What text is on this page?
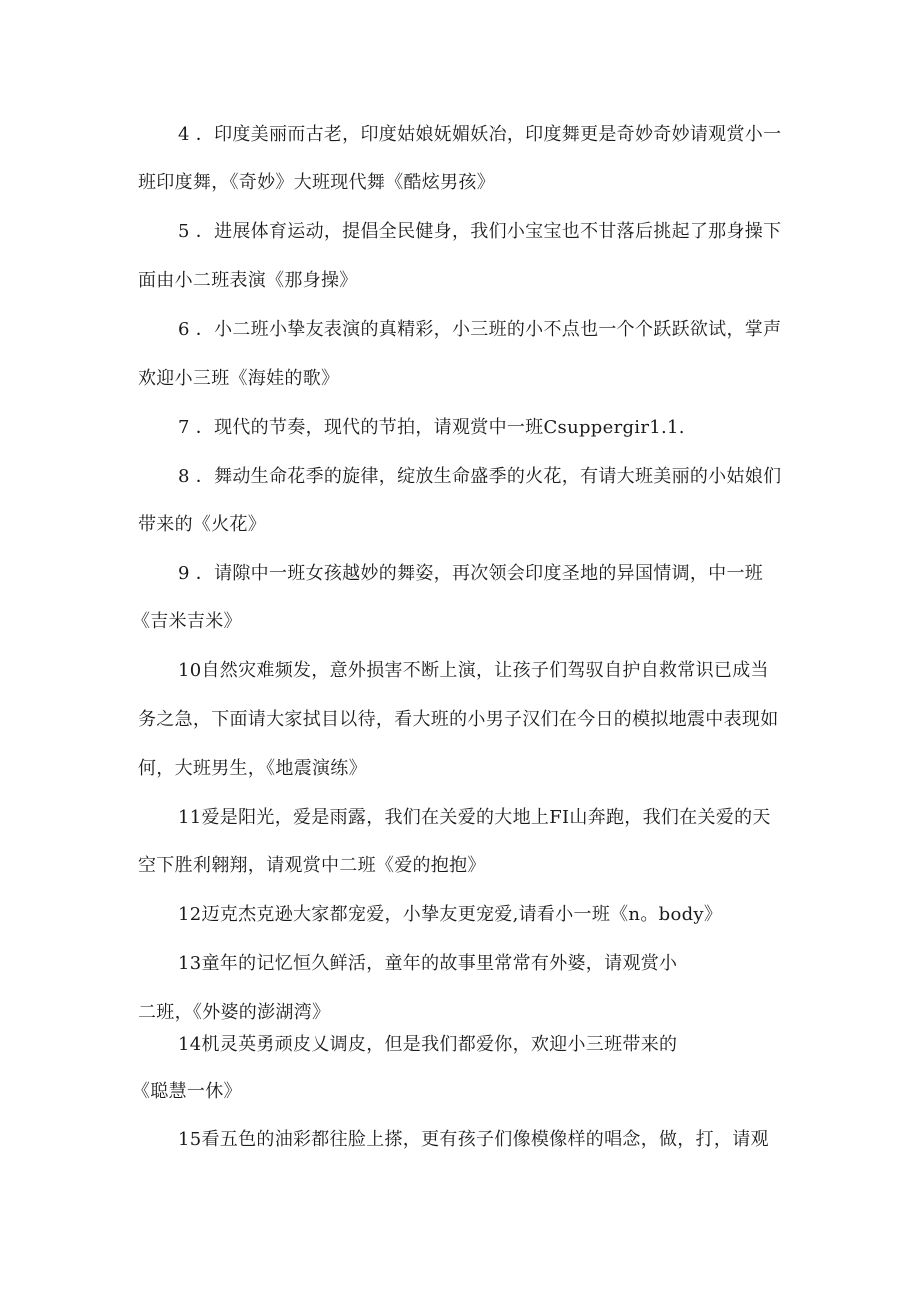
4 ．印度美丽而古老，印度姑娘妩媚妖冶，印度舞更是奇妙奇妙请观赏小一
班印度舞，《奇妙》大班现代舞《酷炫男孩》
5 ．进展体育运动，提倡全民健身，我们小宝宝也不甘落后挑起了那身操下
面由小二班表演《那身操》
6 ．小二班小挚友表演的真精彩，小三班的小不点也一个个跃跃欲试，掌声
欢迎小三班《海娃的歌》
7 ．现代的节奏，现代的节拍，请观赏中一班Csuppergir1.1.
8 ．舞动生命花季的旋律，绽放生命盛季的火花，有请大班美丽的小姑娘们
带来的《火花》
9 ．请隙中一班女孩越妙的舞姿，再次领会印度圣地的异国情调，中一班
《吉米吉米》
10自然灾难频发，意外损害不断上演，让孩子们驾驭自护自救常识已成当
务之急，下面请大家拭目以待，看大班的小男子汉们在今日的模拟地震中表现如
何，大班男生，《地震演练》
11爱是阳光，爱是雨露，我们在关爱的大地上FI山奔跑，我们在关爱的天
空下胜利翱翔，请观赏中二班《爱的抱抱》
12迈克杰克逊大家都宠爱，小挚友更宠爱,请看小一班《n。body》
13童年的记忆恒久鲜活，童年的故事里常常有外婆，请观赏小
二班，《外婆的澎湖湾》
14机灵英勇顽皮乂调皮，但是我们都爱你，欢迎小三班带来的
《聪慧一休》
15看五色的油彩都往脸上搽，更有孩子们像模像样的唱念，做，打，请观
